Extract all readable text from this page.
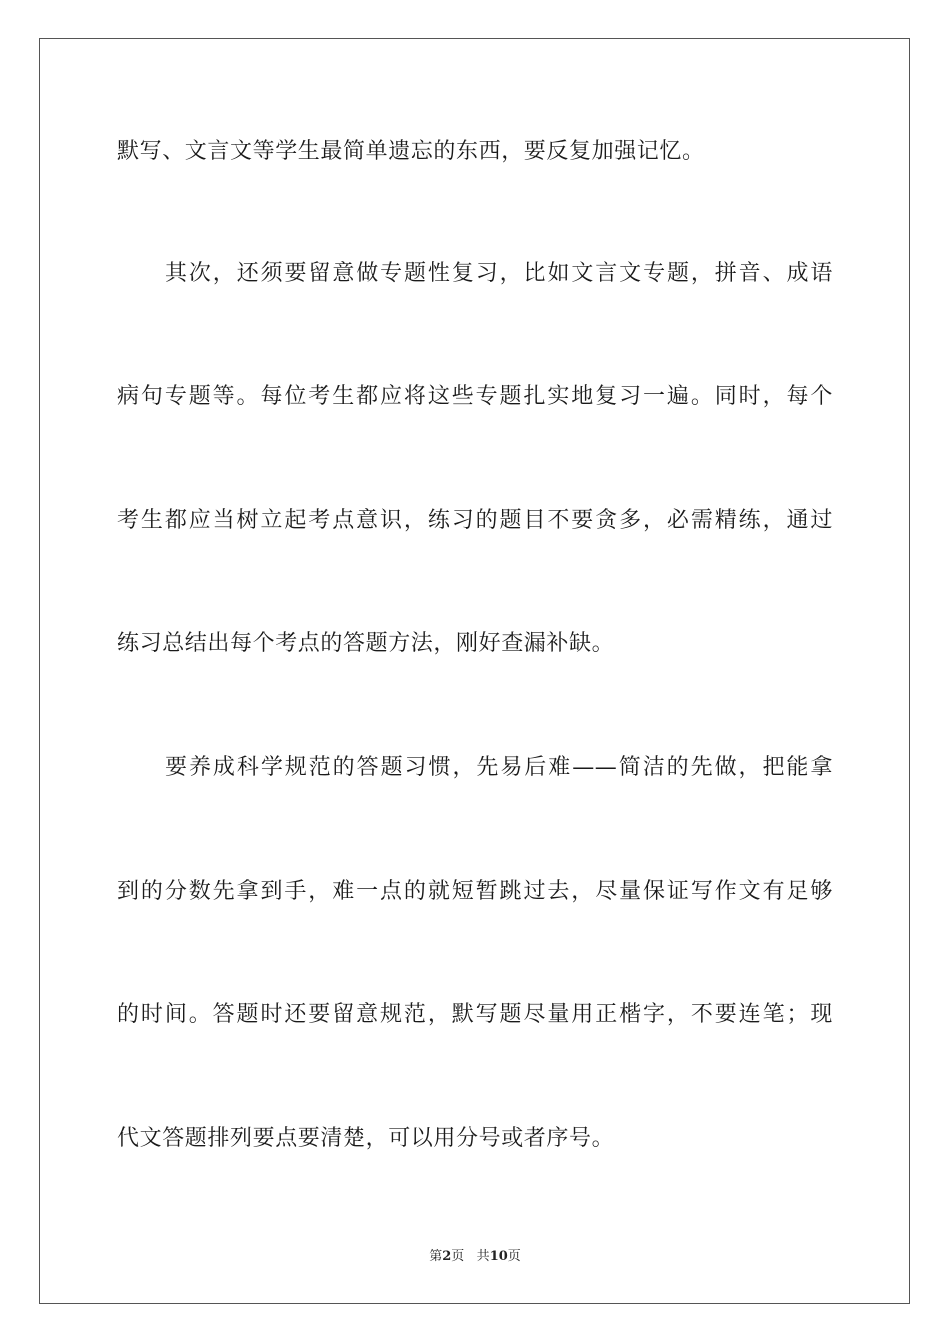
默写、文言文等学生最简单遗忘的东西，要反复加强记忆。
其次，还须要留意做专题性复习，比如文言文专题，拼音、成语
病句专题等。每位考生都应将这些专题扎实地复习一遍。同时，每个
考生都应当树立起考点意识，练习的题目不要贪多，必需精练，通过
练习总结出每个考点的答题方法，刚好查漏补缺。
要养成科学规范的答题习惯，先易后难——简洁的先做，把能拿
到的分数先拿到手，难一点的就短暂跳过去，尽量保证写作文有足够
的时间。答题时还要留意规范，默写题尽量用正楷字，不要连笔；现
代文答题排列要点要清楚，可以用分号或者序号。
第2页 共10页
